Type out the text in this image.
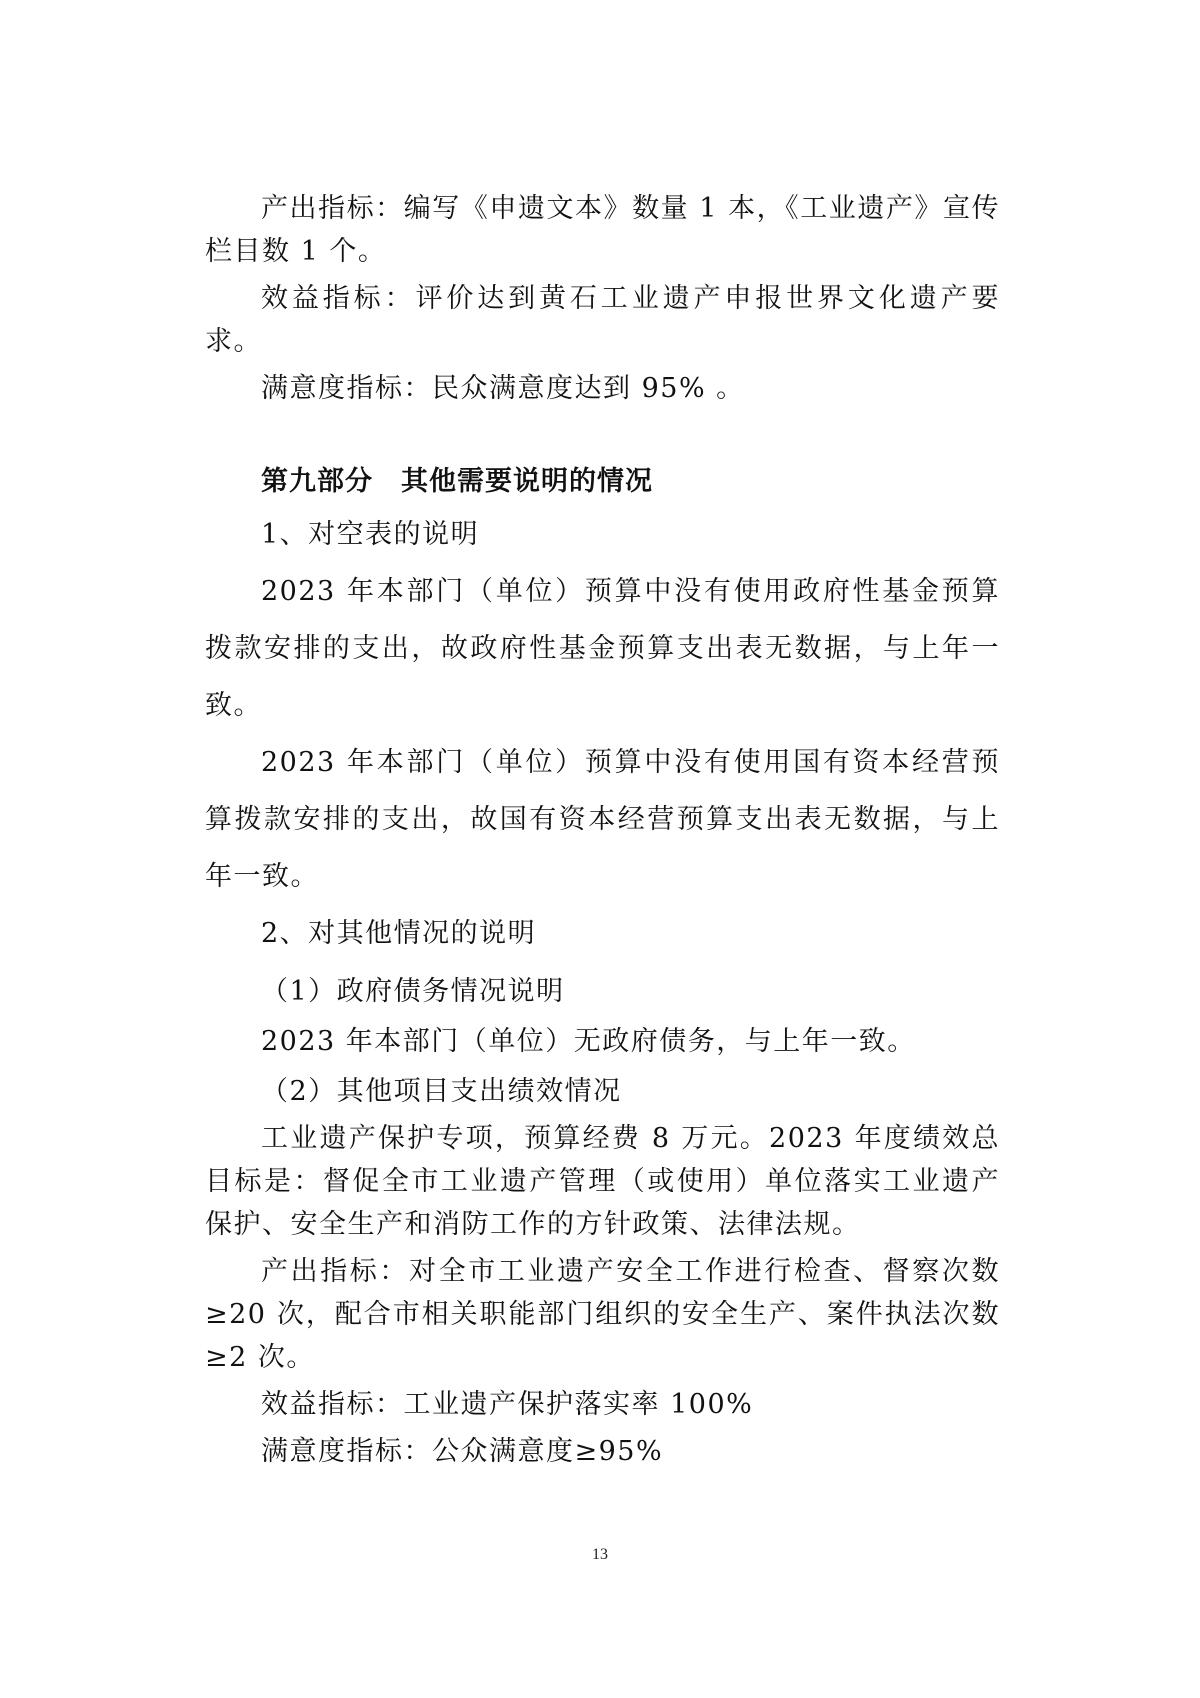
产出指标：编写《申遗文本》数量 1 本，《工业遗产》宣传栏目数 1 个。

效益指标：评价达到黄石工业遗产申报世界文化遗产要求。

满意度指标：民众满意度达到 95% 。

第九部分　其他需要说明的情况

1、对空表的说明

2023 年本部门（单位）预算中没有使用政府性基金预算拨款安排的支出，故政府性基金预算支出表无数据，与上年一致。

2023 年本部门（单位）预算中没有使用国有资本经营预算拨款安排的支出，故国有资本经营预算支出表无数据，与上年一致。

2、对其他情况的说明

（1）政府债务情况说明

2023 年本部门（单位）无政府债务，与上年一致。

（2）其他项目支出绩效情况

工业遗产保护专项，预算经费 8 万元。2023 年度绩效总目标是：督促全市工业遗产管理（或使用）单位落实工业遗产保护、安全生产和消防工作的方针政策、法律法规。

产出指标：对全市工业遗产安全工作进行检查、督察次数≥20 次，配合市相关职能部门组织的安全生产、案件执法次数≥2 次。

效益指标：工业遗产保护落实率 100%

满意度指标：公众满意度≥95%

13
